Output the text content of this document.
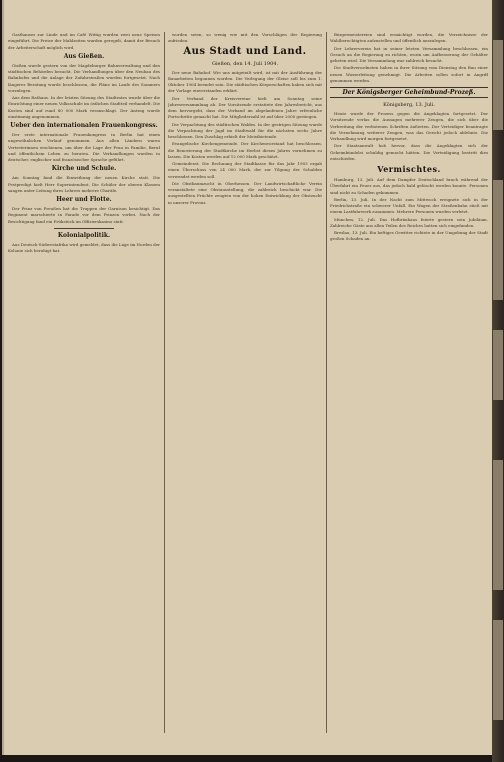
Gasthauses zur Linde und im Café Wittig wurden zwei neue Speisen eingeführt. Die Preise der Mahlzeiten wurden geregelt, damit der Besuch der Arbeiterschaft möglich wird.

Aus Gießen.

Gießen wurde gestern von der Magdeburger Bahnverwaltung und den städtischen Behörden besucht. Die Verhandlungen über den Neubau des Bahnhofes und die Anlage der Zufuhrstraßen wurden fortgesetzt. Nach längerer Beratung wurde beschlossen, die Pläne im Laufe des Sommers vorzulegen.

Aus dem Rathaus. In der letzten Sitzung des Stadtrates wurde über die Einrichtung einer neuen Volksschule im östlichen Stadtteil verhandelt. Die Kosten sind auf rund 80 000 Mark veranschlagt. Der Antrag wurde einstimmig angenommen.

Ueber den internationalen Frauenkongress.

Der erste internationale Frauenkongress in Berlin hat einen ungewöhnlichen Verlauf genommen. Aus allen Ländern waren Vertreterinnen erschienen, um über die Lage der Frau in Familie, Beruf und öffentlichem Leben zu beraten. Die Verhandlungen wurden in deutscher, englischer und französischer Sprache geführt.

Kirche und Schule.

Am Sonntag fand die Einweihung der neuen Kirche statt. Die Festpredigt hielt Herr Superintendent. Die Schüler der oberen Klassen sangen unter Leitung ihres Lehrers mehrere Choräle.

Heer und Flotte.

Der Prinz von Preußen hat die Truppen der Garnison besichtigt. Das Regiment marschierte in Parade vor dem Prinzen vorbei. Nach der Besichtigung fand ein Frühstück im Offizierskasino statt.

Kolonialpolitik.

Aus Deutsch-Südwestafrika wird gemeldet, dass die Lage im Norden der Kolonie sich beruhigt hat.

worden seien, so wenig wie mit den Vorschlägen der Regierung zufrieden.

Aus Stadt und Land.
Gießen, den 14. Juli 1904.

Der neue Bahnhof. Wie uns mitgeteilt wird, ist mit der Ausführung der Bauarbeiten begonnen worden. Die Verlegung der Gleise soll bis zum 1. Oktober 1904 beendet sein. Die städtischen Körperschaften haben sich mit der Vorlage einverstanden erklärt.

Der Verband der Kreisvereine hielt am Sonntag seine Jahresversammlung ab. Der Vorsitzende erstattete den Jahresbericht, aus dem hervorgeht, dass der Verband im abgelaufenen Jahre erfreuliche Fortschritte gemacht hat. Die Mitgliederzahl ist auf über 2000 gestiegen.

Die Verpachtung des städtischen Waldes. In der gestrigen Sitzung wurde die Verpachtung der Jagd im Stadtwald für die nächsten sechs Jahre beschlossen. Den Zuschlag erhielt der Meistbietende.

Evangelische Kirchengemeinde. Der Kirchenvorstand hat beschlossen, die Renovierung der Stadtkirche im Herbst dieses Jahres vornehmen zu lassen. Die Kosten werden auf 12 000 Mark geschätzt.

Gemeinderat. Die Rechnung der Stadtkasse für das Jahr 1903 ergab einen Überschuss von 24 000 Mark, der zur Tilgung der Schulden verwendet werden soll.

Die Obstbaumzucht in Oberhessen. Der Landwirtschaftliche Verein veranstaltete eine Obstausstellung, die zahlreich beschickt war. Die ausgestellten Früchte zeugten von der hohen Entwicklung der Obstzucht in unserer Provinz.

Bürgermeistereien sind ermächtigt worden, die Verzeichnisse der Wahlberechtigten aufzustellen und öffentlich auszulegen.

Der Lehrerverein hat in seiner letzten Versammlung beschlossen, ein Gesuch an die Regierung zu richten, worin um Aufbesserung der Gehälter gebeten wird. Die Versammlung war zahlreich besucht.

Die Stadtverordneten haben in ihrer Sitzung vom Dienstag den Bau einer neuen Wasserleitung genehmigt. Die Arbeiten sollen sofort in Angriff genommen werden.

Der Königsberger Geheimbund-Prozeß.
Königsberg, 13. Juli.

Heute wurde der Prozess gegen die Angeklagten fortgesetzt. Der Vorsitzende verlas die Aussagen mehrerer Zeugen, die sich über die Verbreitung der verbotenen Schriften äußerten. Der Verteidiger beantragte die Vernehmung weiterer Zeugen, was das Gericht jedoch ablehnte. Die Verhandlung wird morgen fortgesetzt.

Der Staatsanwalt hob hervor, dass die Angeklagten sich der Geheimbündelei schuldig gemacht hätten. Die Verteidigung bestritt dies entschieden.

Vermischtes.

Hamburg, 13. Juli. Auf dem Dampfer Deutschland brach während der Überfahrt ein Feuer aus, das jedoch bald gelöscht werden konnte. Personen sind nicht zu Schaden gekommen.

Berlin, 13. Juli. In der Nacht zum Mittwoch ereignete sich in der Friedrichstraße ein schwerer Unfall. Ein Wagen der Straßenbahn stieß mit einem Lastfuhrwerk zusammen. Mehrere Personen wurden verletzt.

München, 12. Juli. Das Hofbräuhaus feierte gestern sein Jubiläum. Zahlreiche Gäste aus allen Teilen des Reiches hatten sich eingefunden.

Breslau, 13. Juli. Ein heftiges Gewitter richtete in der Umgebung der Stadt großen Schaden an.
